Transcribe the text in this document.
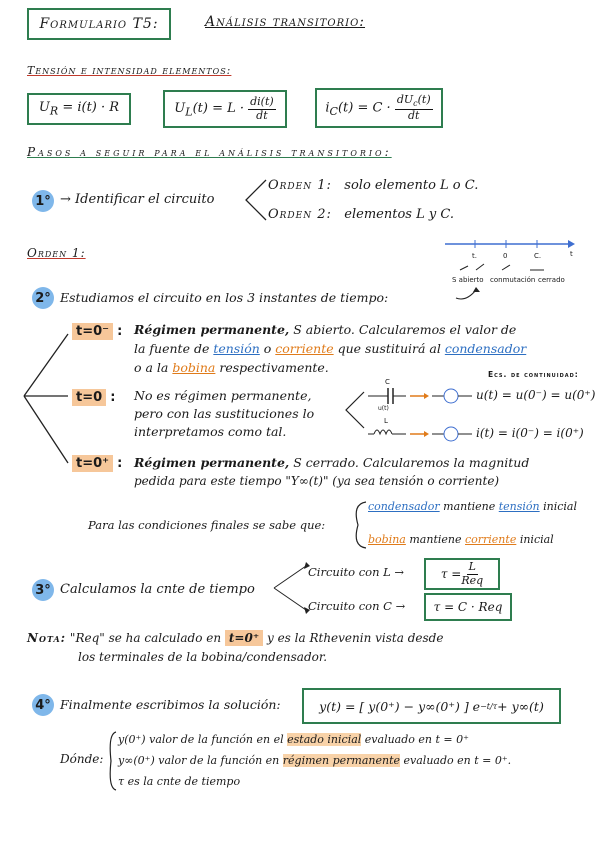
Formulario T5:	Análisis transitorio:
Tensión e intensidad elementos:
$U_R = i(t) \cdot R$	$U_L(t) = L \cdot \frac{di(t)}{dt}$	$i_C(t) = C \cdot \frac{dU_c(t)}{dt}$
Pasos a seguir para el análisis transitorio:
1° → Identificar el circuito
Orden 1: solo elemento L o C.
Orden 2: elementos L y C.
Orden 1:	t.	0	C.	t
S abierto conmutación cerrado
2° Estudiamos el circuito en los 3 instantes de tiempo:
t=0⁻ : Régimen permanente, S abierto. Calcularemos el valor de
la fuente de tensión o corriente que sustituirá al condensador
o a la bobina respectivamente.	Ecs. de continuidad:
t=0 : No es régimen permanente,
pero con las sustituciones lo
interpretamos como tal.
C
u(t)
u(t) = u(0⁻) = u(0⁺)
L
i(t) = i(0⁻) = i(0⁺)
t=0⁺ : Régimen permanente, S cerrado. Calcularemos la magnitud
pedida para este tiempo "Y∞(t)" (ya sea tensión o corriente)
Para las condiciones finales se sabe que:
condensador mantiene tensión inicial
bobina mantiene corriente inicial
3° Calculamos la cnte de tiempo
Circuito con L →	$\tau = \frac{L}{\text{Req}}$
Circuito con C → τ = C · Req
Nota: "Req" se ha calculado en t=0⁺ y es la Rthevenin vista desde
los terminales de la bobina/condensador.
4° Finalmente escribimos la solución:	y(t) = [ y(0⁺) − y∞(0⁺) ] e −t/τ + y∞(t)
Dónde:
y(0⁺) valor de la función en el estado inicial evaluado en t = 0⁺
y∞(0⁺) valor de la función en régimen permanente evaluado en t = 0⁺.
τ es la cnte de tiempo
